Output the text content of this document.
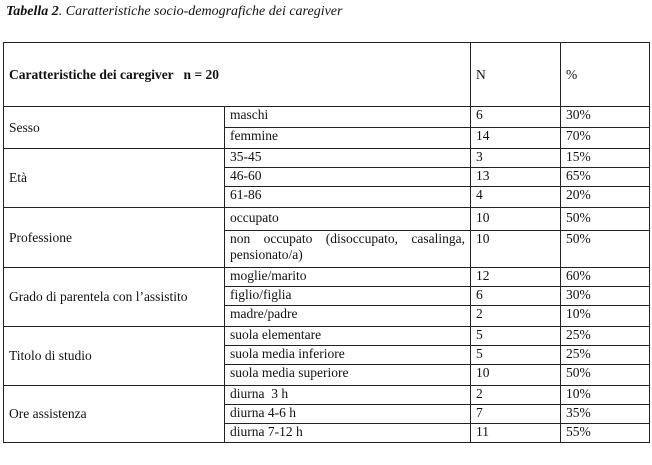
Tabella 2. Caratteristiche socio-demografiche dei caregiver
Caratteristiche dei caregiver   n = 20		N	%
Sesso	maschi	6	30%
	femmine	14	70%
Età	35-45	3	15%
	46-60	13	65%
	61-86	4	20%
Professione	occupato	10	50%
	non occupato (disoccupato, casalinga, pensionato/a)	10	50%
Grado di parentela con l’assistito	moglie/marito	12	60%
	figlio/figlia	6	30%
	madre/padre	2	10%
Titolo di studio	suola elementare	5	25%
	suola media inferiore	5	25%
	suola media superiore	10	50%
Ore assistenza	diurna  3 h	2	10%
	diurna 4-6 h	7	35%
	diurna 7-12 h	11	55%
